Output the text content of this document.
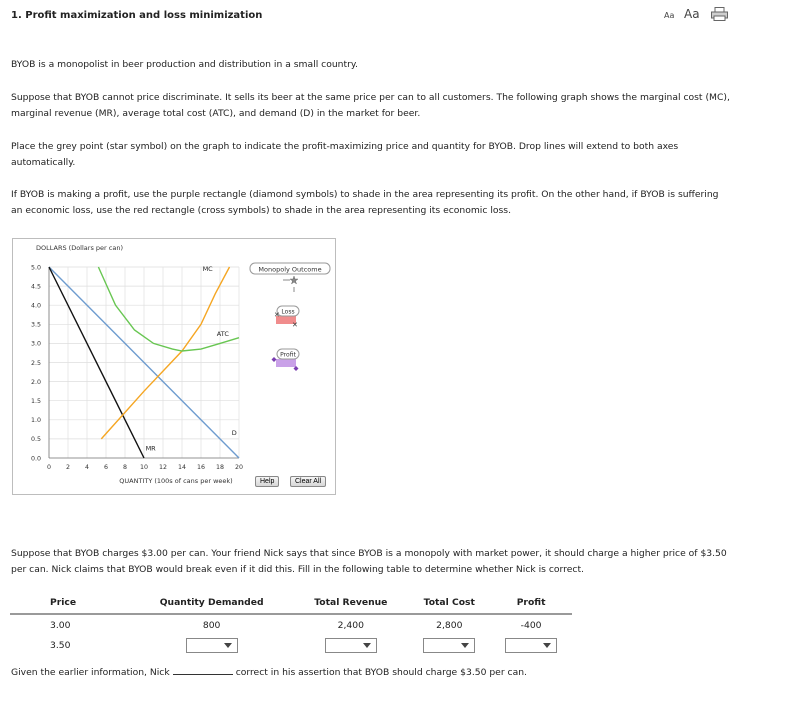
1. Profit maximization and loss minimization	Aa Aa
BYOB is a monopolist in beer production and distribution in a small country.
Suppose that BYOB cannot price discriminate. It sells its beer at the same price per can to all customers. The following graph shows the marginal cost (MC), marginal revenue (MR), average total cost (ATC), and demand (D) in the market for beer.
Place the grey point (star symbol) on the graph to indicate the profit-maximizing price and quantity for BYOB. Drop lines will extend to both axes automatically.
If BYOB is making a profit, use the purple rectangle (diamond symbols) to shade in the area representing its profit. On the other hand, if BYOB is suffering an economic loss, use the red rectangle (cross symbols) to shade in the area representing its economic loss.
D
MR
MC
ATC
0.0
0.5
1.0
1.5
2.0
2.5
3.0
3.5
4.0
4.5
5.0
0 2 4 6 8 10 12 14 16 18 20
DOLLARS (Dollars per can)
QUANTITY (100s of cans per week)
Monopoly Outcome
Loss
✕
✕
Profit
Help	Clear All
Suppose that BYOB charges $3.00 per can. Your friend Nick says that since BYOB is a monopoly with market power, it should charge a higher price of $3.50 per can. Nick claims that BYOB would break even if it did this. Fill in the following table to determine whether Nick is correct.
Price	Quantity Demanded	Total Revenue	Total Cost	Profit
3.00	800	2,400	2,800	-400
3.50				
Given the earlier information, Nick	correct in his assertion that BYOB should charge $3.50 per can.
